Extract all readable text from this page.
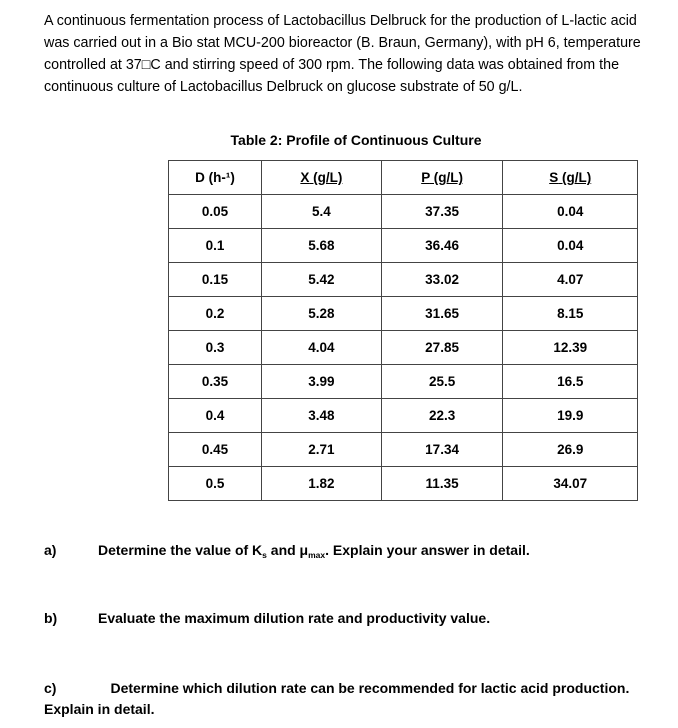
A continuous fermentation process of Lactobacillus Delbruck for the production of L-lactic acid was carried out in a Bio stat MCU-200 bioreactor (B. Braun, Germany), with pH 6, temperature controlled at 37□C and stirring speed of 300 rpm. The following data was obtained from the continuous culture of Lactobacillus Delbruck on glucose substrate of 50 g/L.

Table 2: Profile of Continuous Culture
D (h-¹)	X (g/L)	P (g/L)	S (g/L)
0.05	5.4	37.35	0.04
0.1	5.68	36.46	0.04
0.15	5.42	33.02	4.07
0.2	5.28	31.65	8.15
0.3	4.04	27.85	12.39
0.35	3.99	25.5	16.5
0.4	3.48	22.3	19.9
0.45	2.71	17.34	26.9
0.5	1.82	11.35	34.07
a)	Determine the value of $K_s$ and $\mu_{max}$. Explain your answer in detail.
b)	Evaluate the maximum dilution rate and productivity value.
c)	Determine which dilution rate can be recommended for lactic acid production.
Explain in detail.
